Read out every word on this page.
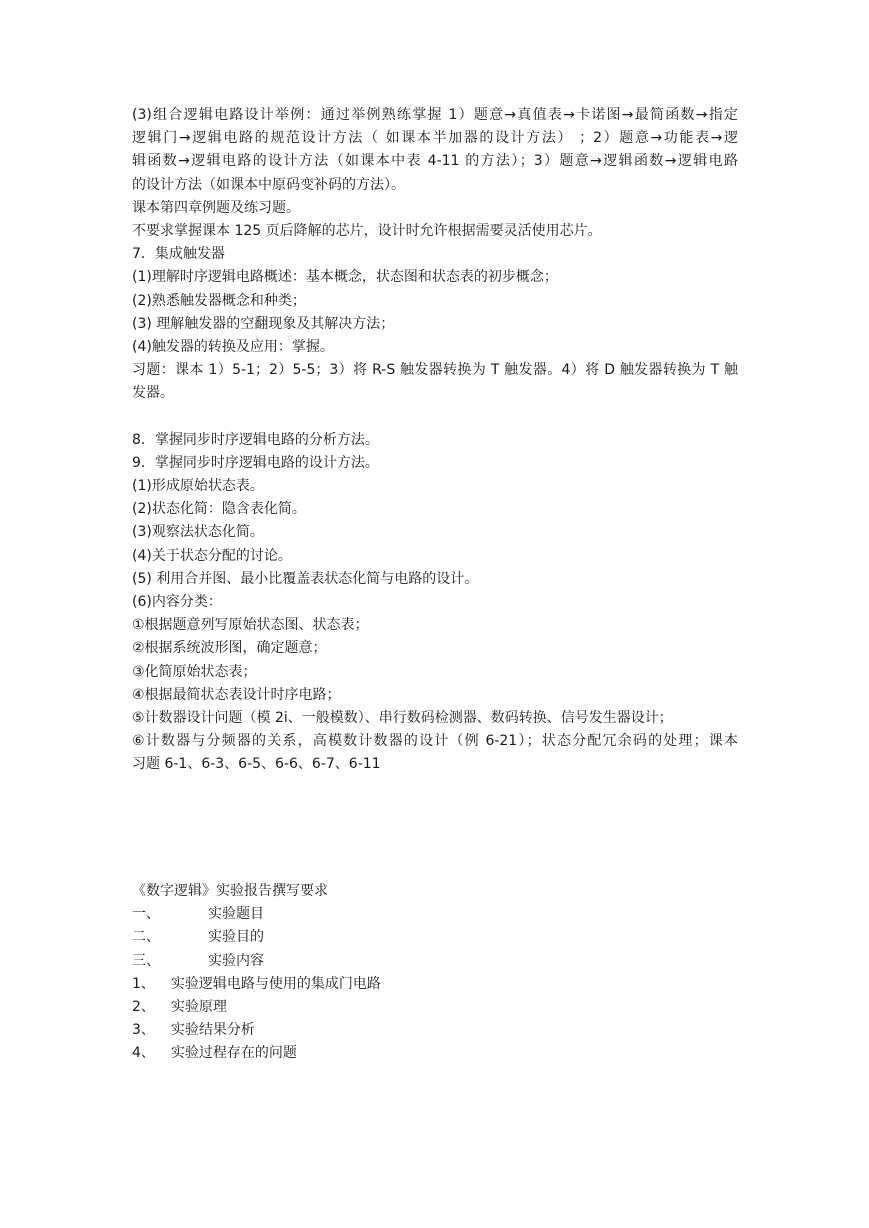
(3)组合逻辑电路设计举例：通过举例熟练掌握 1）题意→真值表→卡诺图→最简函数→指定
逻辑门→逻辑电路的规范设计方法（ 如课本半加器的设计方法） ；2）题意→功能表→逻
辑函数→逻辑电路的设计方法（如课本中表 4-11 的方法）；3）题意→逻辑函数→逻辑电路
的设计方法（如课本中原码变补码的方法）。
课本第四章例题及练习题。
不要求掌握课本 125 页后降解的芯片，设计时允许根据需要灵活使用芯片。
7．集成触发器
(1)理解时序逻辑电路概述：基本概念，状态图和状态表的初步概念；
(2)熟悉触发器概念和种类；
(3) 理解触发器的空翻现象及其解决方法；
(4)触发器的转换及应用：掌握。
习题：课本 1）5-1；2）5-5；3）将 R-S 触发器转换为 T 触发器。4）将 D 触发器转换为 T 触
发器。
8．掌握同步时序逻辑电路的分析方法。
9．掌握同步时序逻辑电路的设计方法。
(1)形成原始状态表。
(2)状态化简：隐含表化简。
(3)观察法状态化简。
(4)关于状态分配的讨论。
(5) 利用合并图、最小比覆盖表状态化简与电路的设计。
(6)内容分类：
①根据题意列写原始状态图、状态表；
②根据系统波形图，确定题意；
③化简原始状态表；
④根据最简状态表设计时序电路；
⑤计数器设计问题（模 2i、一般模数）、串行数码检测器、数码转换、信号发生器设计；
⑥计数器与分频器的关系，高模数计数器的设计（例 6-21）；状态分配冗余码的处理；课本
习题 6-1、6-3、6-5、6-6、6-7、6-11
《数字逻辑》实验报告撰写要求
一、	实验题目
二、	实验目的
三、	实验内容
1、 实验逻辑电路与使用的集成门电路
2、 实验原理
3、 实验结果分析
4、 实验过程存在的问题
